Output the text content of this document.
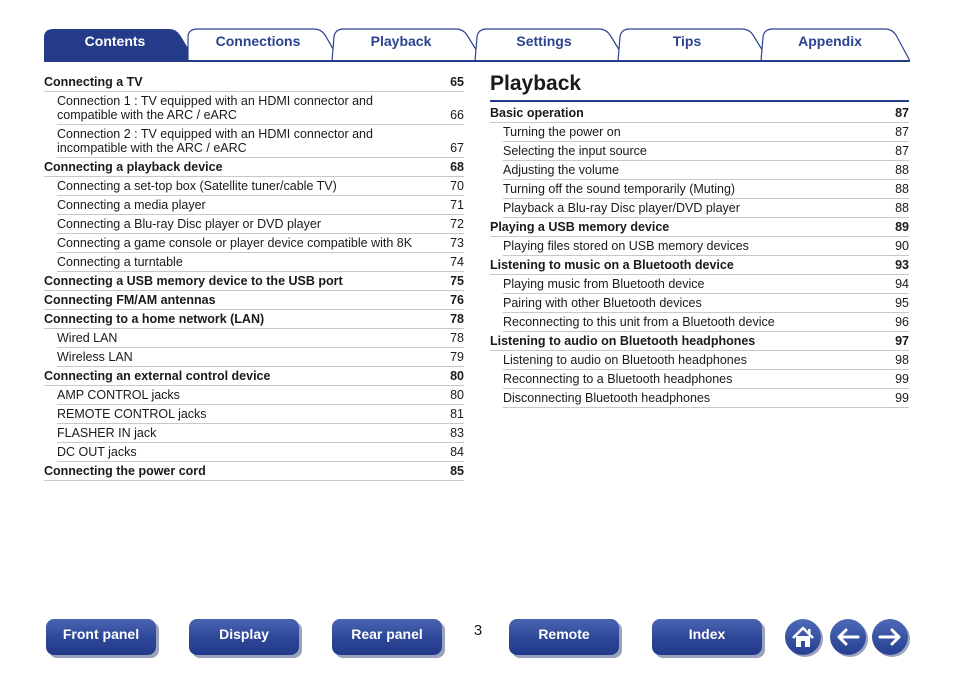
Contents	Connections	Playback	Settings	Tips	Appendix
Connecting a TV	65
Connection 1 : TV equipped with an HDMI connector and compatible with the ARC / eARC	66
Connection 2 : TV equipped with an HDMI connector and incompatible with the ARC / eARC	67
Connecting a playback device	68
Connecting a set-top box (Satellite tuner/cable TV)	70
Connecting a media player	71
Connecting a Blu-ray Disc player or DVD player	72
Connecting a game console or player device compatible with 8K	73
Connecting a turntable	74
Connecting a USB memory device to the USB port	75
Connecting FM/AM antennas	76
Connecting to a home network (LAN)	78
Wired LAN	78
Wireless LAN	79
Connecting an external control device	80
AMP CONTROL jacks	80
REMOTE CONTROL jacks	81
FLASHER IN jack	83
DC OUT jacks	84
Connecting the power cord	85
Playback
Basic operation	87
Turning the power on	87
Selecting the input source	87
Adjusting the volume	88
Turning off the sound temporarily (Muting)	88
Playback a Blu-ray Disc player/DVD player	88
Playing a USB memory device	89
Playing files stored on USB memory devices	90
Listening to music on a Bluetooth device	93
Playing music from Bluetooth device	94
Pairing with other Bluetooth devices	95
Reconnecting to this unit from a Bluetooth device	96
Listening to audio on Bluetooth headphones	97
Listening to audio on Bluetooth headphones	98
Reconnecting to a Bluetooth headphones	99
Disconnecting Bluetooth headphones	99
Front panel	Display	Rear panel	3	Remote	Index
